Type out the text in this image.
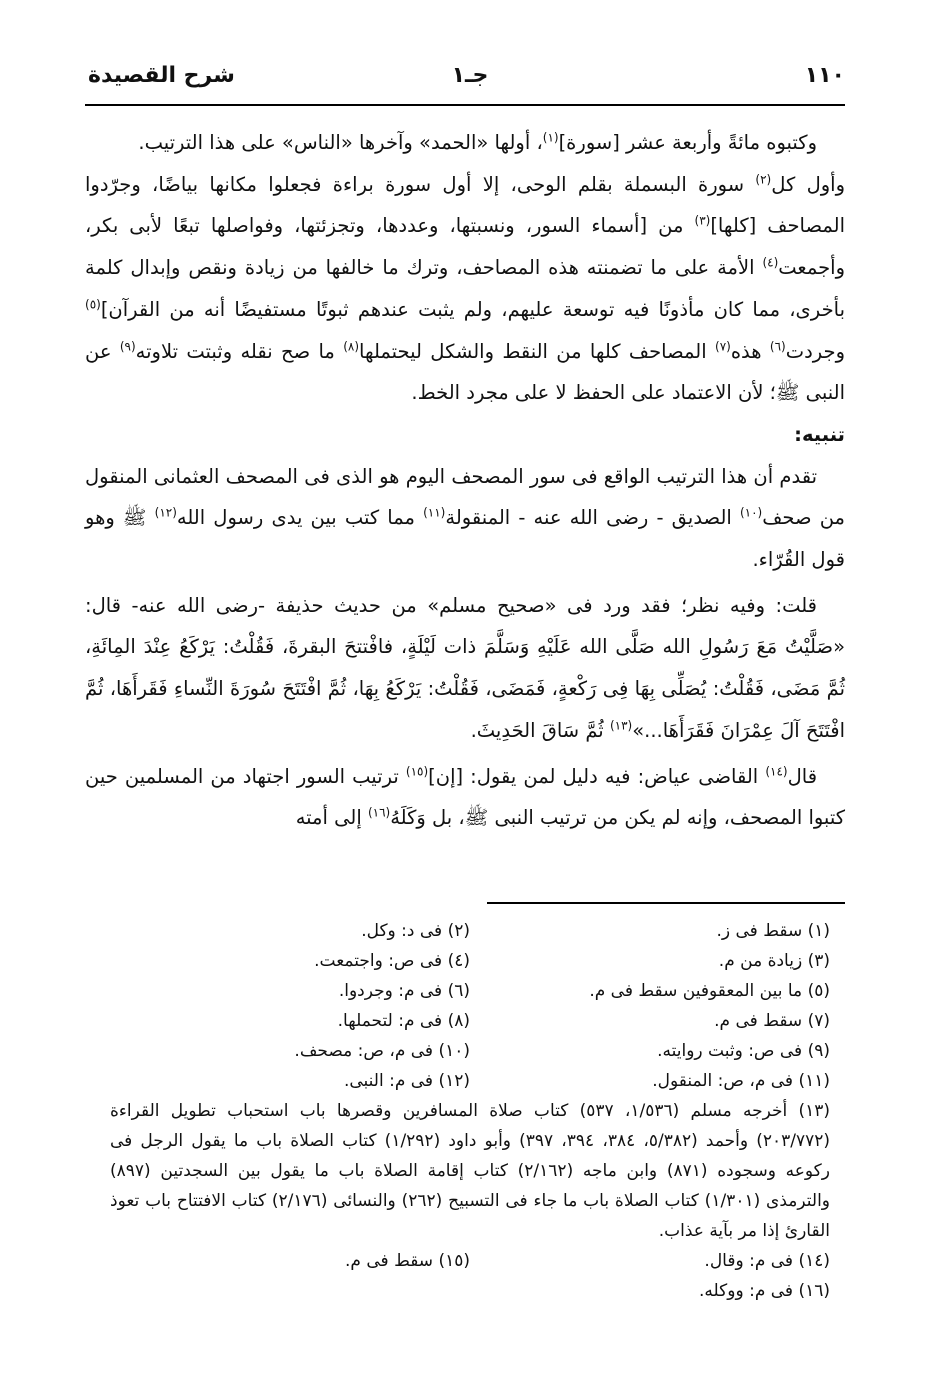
١١٠
جـ١
شرح القصيدة

وكتبوه مائةً وأربعة عشر [سورة]$^{(١)}$، أولها «الحمد» وآخرها «الناس» على هذا الترتيب.

وأول كل$^{(٢)}$ سورة البسملة بقلم الوحى، إلا أول سورة براءة فجعلوا مكانها بياضًا، وجرّدوا المصاحف [كلها]$^{(٣)}$ من [أسماء السور، ونسبتها، وعددها، وتجزئتها، وفواصلها تبعًا لأبى بكر، وأجمعت$^{(٤)}$ الأمة على ما تضمنته هذه المصاحف، وترك ما خالفها من زيادة ونقص وإبدال كلمة بأخرى، مما كان مأذونًا فيه توسعة عليهم، ولم يثبت عندهم ثبوتًا مستفيضًا أنه من القرآن]$^{(٥)}$ وجردت$^{(٦)}$ هذه$^{(٧)}$ المصاحف كلها من النقط والشكل ليحتملها$^{(٨)}$ ما صح نقله وثبتت تلاوته$^{(٩)}$ عن النبى ﷺ؛ لأن الاعتماد على الحفظ لا على مجرد الخط.

تنبيه:

تقدم أن هذا الترتيب الواقع فى سور المصحف اليوم هو الذى فى المصحف العثمانى المنقول من صحف$^{(١٠)}$ الصديق - رضى الله عنه - المنقولة$^{(١١)}$ مما كتب بين يدى رسول الله$^{(١٢)}$ ﷺ وهو قول القُرّاء.

قلت: وفيه نظر؛ فقد ورد فى «صحيح مسلم» من حديث حذيفة -رضى الله عنه- قال: «صَلَّيْتُ مَعَ رَسُولِ الله صَلَّى الله عَلَيْهِ وَسَلَّمَ ذات لَيْلَةٍ، فافْتتحَ البقرةَ، فَقُلْتُ: يَرْكَعُ عِنْدَ المِائَةِ، ثُمَّ مَضَى، فَقُلْتُ: يُصَلِّى بِهَا فِى رَكْعةٍ، فَمَضَى، فَقُلْتُ: يَرْكَعُ بِهَا، ثُمَّ افْتَتَحَ سُورَةَ النِّساءِ فَقَرأَهَا، ثُمَّ افْتَتَحَ آلَ عِمْرَانَ فَقَرَأَهَا...»$^{(١٣)}$ ثُمَّ سَاقَ الحَدِيثَ.

قال$^{(١٤)}$ القاضى عياض: فيه دليل لمن يقول: [إن]$^{(١٥)}$ ترتيب السور اجتهاد من المسلمين حين كتبوا المصحف، وإنه لم يكن من ترتيب النبى ﷺ، بل وَكَلَهُ$^{(١٦)}$ إلى أمته

(١) سقط فى ز.
(٢) فى د: وكل.
(٣) زيادة من م.
(٤) فى ص: واجتمعت.
(٥) ما بين المعقوفين سقط فى م.
(٦) فى م: وجردوا.
(٧) سقط فى م.
(٨) فى م: لتحملها.
(٩) فى ص: وثبت روايته.
(١٠) فى م، ص: مصحف.
(١١) فى م، ص: المنقول.
(١٢) فى م: النبى.
(١٣) أخرجه مسلم (١/٥٣٦، ٥٣٧) كتاب صلاة المسافرين وقصرها باب استحباب تطويل القراءة (٢٠٣/٧٧٢) وأحمد (٥/٣٨٢، ٣٨٤، ٣٩٤، ٣٩٧) وأبو داود (١/٢٩٢) كتاب الصلاة باب ما يقول الرجل فى ركوعه وسجوده (٨٧١) وابن ماجه (٢/١٦٢) كتاب إقامة الصلاة باب ما يقول بين السجدتين (٨٩٧) والترمذى (١/٣٠١) كتاب الصلاة باب ما جاء فى التسبيح (٢٦٢) والنسائى (٢/١٧٦) كتاب الافتتاح باب تعوذ القارئ إذا مر بآية عذاب.
(١٤) فى م: وقال.
(١٥) سقط فى م.
(١٦) فى م: ووكله.
